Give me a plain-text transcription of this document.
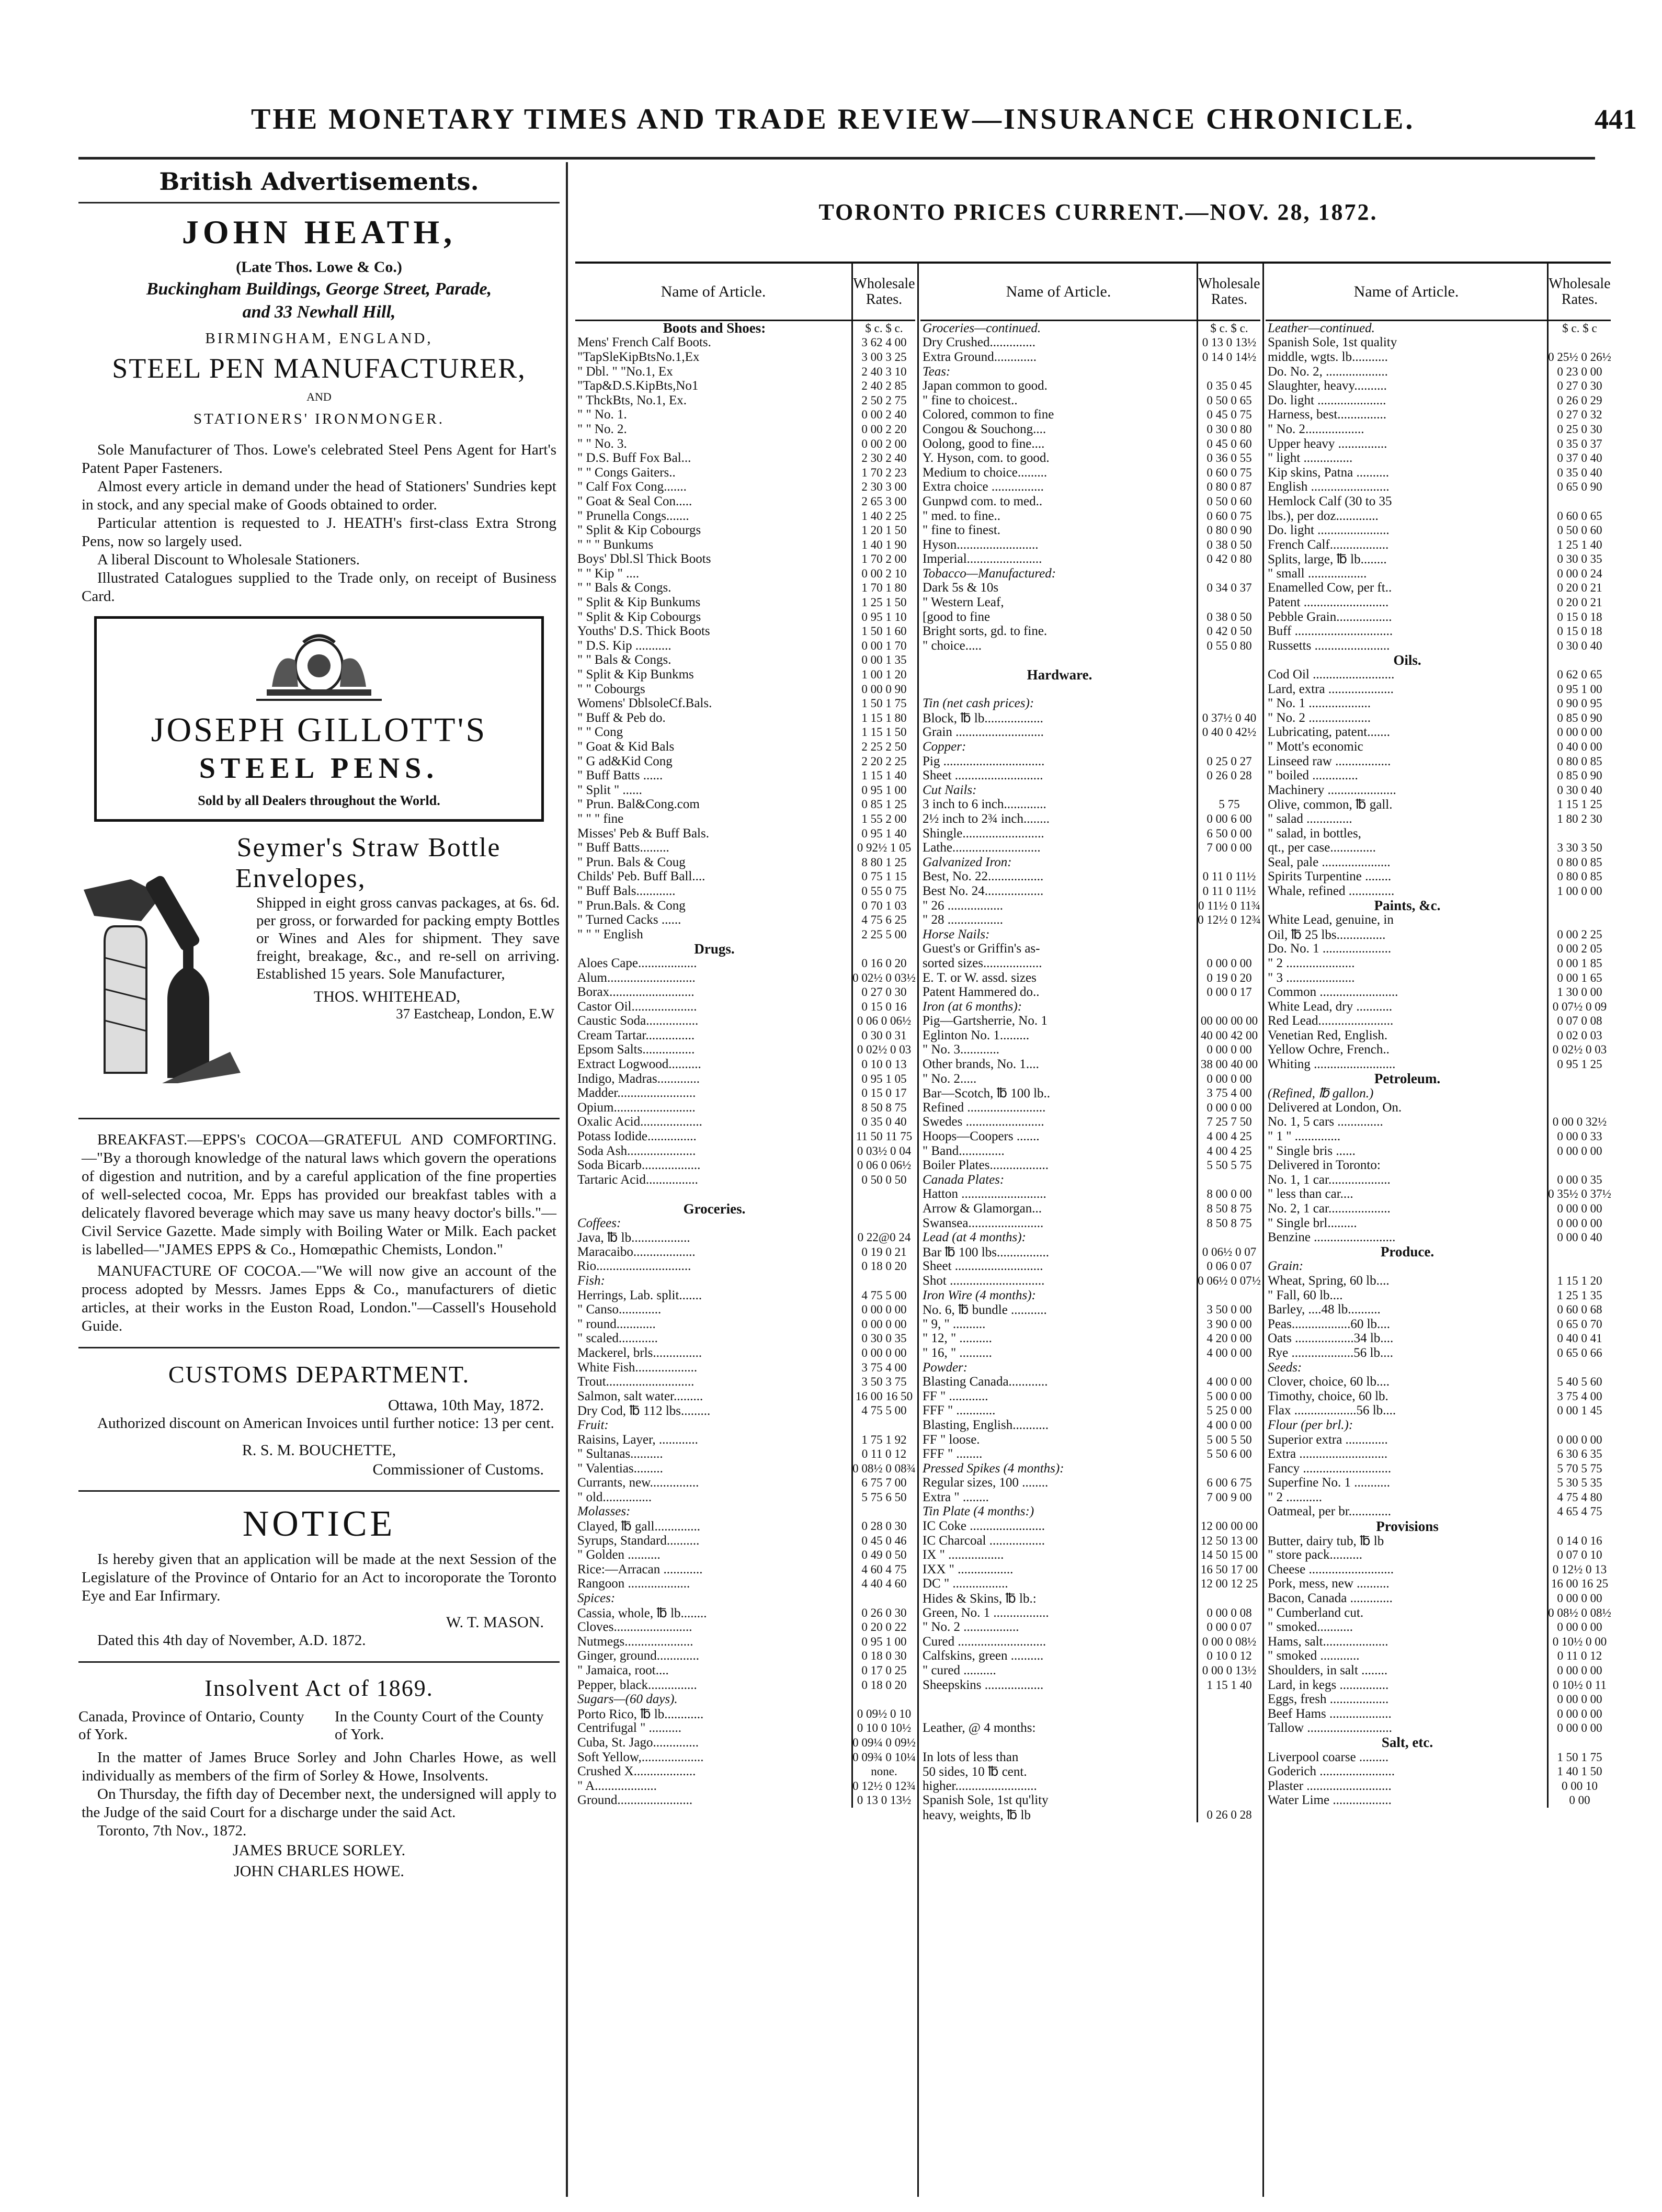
THE MONETARY TIMES AND TRADE REVIEW—INSURANCE CHRONICLE.	441
British Advertisements.
JOHN HEATH,
(Late Thos. Lowe & Co.)
Buckingham Buildings, George Street, Parade,
and 33 Newhall Hill,
BIRMINGHAM, ENGLAND,
STEEL PEN MANUFACTURER,
AND
STATIONERS' IRONMONGER.
Sole Manufacturer of Thos. Lowe's celebrated Steel Pens Agent for Hart's Patent Paper Fasteners.
Almost every article in demand under the head of Stationers' Sundries kept in stock, and any special make of Goods obtained to order.
Particular attention is requested to J. HEATH's first-class Extra Strong Pens, now so largely used.
A liberal Discount to Wholesale Stationers.
Illustrated Catalogues supplied to the Trade only, on receipt of Business Card.
JOSEPH GILLOTT'S
STEEL PENS.
Sold by all Dealers throughout the World.
Seymer's Straw Bottle
Envelopes,
Shipped in eight gross canvas packages, at 6s. 6d. per gross, or forwarded for packing empty Bottles or Wines and Ales for shipment. They save freight, breakage, &c., and re-sell on arriving. Established 15 years. Sole Manufacturer,
THOS. WHITEHEAD,
37 Eastcheap, London, E.W
BREAKFAST.—EPPS's COCOA—GRATEFUL AND COMFORTING.—"By a thorough knowledge of the natural laws which govern the operations of digestion and nutrition, and by a careful application of the fine properties of well-selected cocoa, Mr. Epps has provided our breakfast tables with a delicately flavored beverage which may save us many heavy doctor's bills."—Civil Service Gazette. Made simply with Boiling Water or Milk. Each packet is labelled—"JAMES EPPS & Co., Homœpathic Chemists, London."
MANUFACTURE OF COCOA.—"We will now give an account of the process adopted by Messrs. James Epps & Co., manufacturers of dietic articles, at their works in the Euston Road, London."—Cassell's Household Guide.
CUSTOMS DEPARTMENT.
Ottawa, 10th May, 1872.
Authorized discount on American Invoices until further notice: 13 per cent.
R. S. M. BOUCHETTE,
Commissioner of Customs.
NOTICE
Is hereby given that an application will be made at the next Session of the Legislature of the Province of Ontario for an Act to incoroporate the Toronto Eye and Ear Infirmary.
W. T. MASON.
Dated this 4th day of November, A.D. 1872.
Insolvent Act of 1869.
Canada, Province of Ontario, County of York.
In the County Court of the County of York.
In the matter of James Bruce Sorley and John Charles Howe, as well individually as members of the firm of Sorley & Howe, Insolvents.
On Thursday, the fifth day of December next, the undersigned will apply to the Judge of the said Court for a discharge under the said Act.
Toronto, 7th Nov., 1872.
JAMES BRUCE SORLEY.
JOHN CHARLES HOWE.
TORONTO PRICES CURRENT.—NOV. 28, 1872.
Name of Article.	Wholesale Rates.
Boots and Shoes:	$ c. $ c.
Mens' French Calf Boots.	3 62 4 00
"TapSleKipBtsNo.1,Ex	3 00 3 25
" Dbl. " "No.1, Ex	2 40 3 10
"Tap&D.S.KipBts,No1	2 40 2 85
" ThckBts, No.1, Ex.	2 50 2 75
" " No. 1.	0 00 2 40
" " No. 2.	0 00 2 20
" " No. 3.	0 00 2 00
" D.S. Buff Fox Bal...	2 30 2 40
" " Congs Gaiters..	1 70 2 23
" Calf Fox Cong.......	2 30 3 00
" Goat & Seal Con.....	2 65 3 00
" Prunella Congs.......	1 40 2 25
" Split & Kip Cobourgs	1 20 1 50
" " " Bunkums	1 40 1 90
Boys' Dbl.Sl Thick Boots	1 70 2 00
" " Kip " ....	0 00 2 10
" " Bals & Congs.	1 70 1 80
" Split & Kip Bunkums	1 25 1 50
" Split & Kip Cobourgs	0 95 1 10
Youths' D.S. Thick Boots	1 50 1 60
" D.S. Kip ...........	0 00 1 70
" " Bals & Congs.	0 00 1 35
" Split & Kip Bunkms	1 00 1 20
" " Cobourgs	0 00 0 90
Womens' DblsoleCf.Bals.	1 50 1 75
" Buff & Peb do.	1 15 1 80
" " Cong	1 15 1 50
" Goat & Kid Bals	2 25 2 50
" G ad&Kid Cong	2 20 2 25
" Buff Batts ......	1 15 1 40
" Split " ......	0 95 1 00
" Prun. Bal&Cong.com	0 85 1 25
" " " fine	1 55 2 00
Misses' Peb & Buff Bals.	0 95 1 40
" Buff Batts.........	0 92½ 1 05
" Prun. Bals & Coug	8 80 1 25
Childs' Peb. Buff Ball....	0 75 1 15
" Buff Bals............	0 55 0 75
" Prun.Bals. & Cong	0 70 1 03
" Turned Cacks ......	4 75 6 25
" " " English	2 25 5 00
Drugs.
Aloes Cape..................	0 16 0 20
Alum...........................	0 02½ 0 03½
Borax..........................	0 27 0 30
Castor Oil....................	0 15 0 16
Caustic Soda................	0 06 0 06½
Cream Tartar...............	0 30 0 31
Epsom Salts................	0 02½ 0 03
Extract Logwood..........	0 10 0 13
Indigo, Madras.............	0 95 1 05
Madder........................	0 15 0 17
Opium.........................	8 50 8 75
Oxalic Acid...................	0 35 0 40
Potass Iodide...............	11 50 11 75
Soda Ash.....................	0 03½ 0 04
Soda Bicarb..................	0 06 0 06½
Tartaric Acid................	0 50 0 50
Groceries.
Coffees:
Java, ℔ lb..................	0 22@0 24
Maracaibo...................	0 19 0 21
Rio.............................	0 18 0 20
Fish:
Herrings, Lab. split.......	4 75 5 00
" Canso.............	0 00 0 00
" round............	0 00 0 00
" scaled............	0 30 0 35
Mackerel, brls...............	0 00 0 00
White Fish...................	3 75 4 00
Trout...........................	3 50 3 75
Salmon, salt water.........	16 00 16 50
Dry Cod, ℔ 112 lbs.........	4 75 5 00
Fruit:
Raisins, Layer, ............	1 75 1 92
" Sultanas..........	0 11 0 12
" Valentias.........	0 08½ 0 08¾
Currants, new...............	6 75 7 00
" old...............	5 75 6 50
Molasses:
Clayed, ℔ gall..............	0 28 0 30
Syrups, Standard..........	0 45 0 46
" Golden ..........	0 49 0 50
Rice:—Arracan ............	4 60 4 75
Rangoon ...................	4 40 4 60
Spices:
Cassia, whole, ℔ lb........	0 26 0 30
Cloves........................	0 20 0 22
Nutmegs.....................	0 95 1 00
Ginger, ground.............	0 18 0 30
" Jamaica, root....	0 17 0 25
Pepper, black...............	0 18 0 20
Sugars—(60 days).
Porto Rico, ℔ lb............	0 09½ 0 10
Centrifugal " ..........	0 10 0 10½
Cuba, St. Jago..............	0 09¼ 0 09½
Soft Yellow,...................	0 09¾ 0 10¼
Crushed X...................	none.
" A...................	0 12½ 0 12¾
Ground.......................	0 13 0 13½
Name of Article.	Wholesale Rates.
Groceries—continued.	$ c. $ c.
Dry Crushed..............	0 13 0 13½
Extra Ground.............	0 14 0 14½
Teas:
Japan common to good.	0 35 0 45
" fine to choicest..	0 50 0 65
Colored, common to fine	0 45 0 75
Congou & Souchong....	0 30 0 80
Oolong, good to fine....	0 45 0 60
Y. Hyson, com. to good.	0 36 0 55
Medium to choice.........	0 60 0 75
Extra choice ................	0 80 0 87
Gunpwd com. to med..	0 50 0 60
" med. to fine..	0 60 0 75
" fine to finest.	0 80 0 90
Hyson.........................	0 38 0 50
Imperial.......................	0 42 0 80
Tobacco—Manufactured:
Dark 5s & 10s	0 34 0 37
" Western Leaf,
[good to fine	0 38 0 50
Bright sorts, gd. to fine.	0 42 0 50
" choice.....	0 55 0 80
Hardware.
Tin (net cash prices):
Block, ℔ lb..................	0 37½ 0 40
Grain ...........................	0 40 0 42½
Copper:
Pig ...............................	0 25 0 27
Sheet ...........................	0 26 0 28
Cut Nails:
3 inch to 6 inch.............	5 75
2½ inch to 2¾ inch........	0 00 6 00
Shingle.........................	6 50 0 00
Lathe...........................	7 00 0 00
Galvanized Iron:
Best, No. 22.................	0 11 0 11½
Best No. 24..................	0 11 0 11½
" 26 .................	0 11½ 0 11¾
" 28 .................	0 12½ 0 12¾
Horse Nails:
Guest's or Griffin's as-
sorted sizes..................	0 00 0 00
E. T. or W. assd. sizes	0 19 0 20
Patent Hammered do..	0 00 0 17
Iron (at 6 months):
Pig—Gartsherrie, No. 1	00 00 00 00
Eglinton No. 1.........	40 00 42 00
" No. 3............	0 00 0 00
Other brands, No. 1....	38 00 40 00
" No. 2.....	0 00 0 00
Bar—Scotch, ℔ 100 lb..	3 75 4 00
Refined ........................	0 00 0 00
Swedes ........................	7 25 7 50
Hoops—Coopers .......	4 00 4 25
" Band..............	4 00 4 25
Boiler Plates..................	5 50 5 75
Canada Plates:
Hatton ..........................	8 00 0 00
Arrow & Glamorgan...	8 50 8 75
Swansea.......................	8 50 8 75
Lead (at 4 months):
Bar ℔ 100 lbs................	0 06½ 0 07
Sheet ...........................	0 06 0 07
Shot .............................	0 06½ 0 07½
Iron Wire (4 months):
No. 6, ℔ bundle ...........	3 50 0 00
" 9, " ..........	3 90 0 00
" 12, " ..........	4 20 0 00
" 16, " ..........	4 00 0 00
Powder:
Blasting Canada............	4 00 0 00
FF " ............	5 00 0 00
FFF " ............	5 25 0 00
Blasting, English...........	4 00 0 00
FF " loose.	5 00 5 50
FFF " ........	5 50 6 00
Pressed Spikes (4 months):
Regular sizes, 100 ........	6 00 6 75
Extra " ........	7 00 9 00
Tin Plate (4 months:)
IC Coke .......................	12 00 00 00
IC Charcoal .................	12 50 13 00
IX " .................	14 50 15 00
IXX " .................	16 50 17 00
DC " .................	12 00 12 25
Hides & Skins, ℔ lb.:
Green, No. 1 .................	0 00 0 08
" No. 2 .................	0 00 0 07
Cured ...........................	0 00 0 08½
Calfskins, green ..........	0 10 0 12
" cured ..........	0 00 0 13½
Sheepskins ..................	1 15 1 40
Leather, @ 4 months:
In lots of less than
50 sides, 10 ℔ cent.
higher.........................
Spanish Sole, 1st qu'lity
heavy, weights, ℔ lb	0 26 0 28
Name of Article.	Wholesale Rates.
Leather—continued.	$ c. $ c
Spanish Sole, 1st quality
middle, wgts. lb...........	0 25½ 0 26½
Do. No. 2, ...................	0 23 0 00
Slaughter, heavy..........	0 27 0 30
Do. light .....................	0 26 0 29
Harness, best...............	0 27 0 32
" No. 2..................	0 25 0 30
Upper heavy ...............	0 35 0 37
" light ...............	0 37 0 40
Kip skins, Patna ..........	0 35 0 40
English ........................	0 65 0 90
Hemlock Calf (30 to 35
lbs.), per doz.............	0 60 0 65
Do. light ......................	0 50 0 60
French Calf..................	1 25 1 40
Splits, large, ℔ lb........	0 30 0 35
" small ..................	0 00 0 24
Enamelled Cow, per ft..	0 20 0 21
Patent ..........................	0 20 0 21
Pebble Grain.................	0 15 0 18
Buff ..............................	0 15 0 18
Russetts .......................	0 30 0 40
Oils.
Cod Oil .........................	0 62 0 65
Lard, extra ....................	0 95 1 00
" No. 1 ...................	0 90 0 95
" No. 2 ...................	0 85 0 90
Lubricating, patent.......	0 00 0 00
" Mott's economic	0 40 0 00
Linseed raw .................	0 80 0 85
" boiled ..............	0 85 0 90
Machinery .....................	0 30 0 40
Olive, common, ℔ gall.	1 15 1 25
" salad ..............	1 80 2 30
" salad, in bottles,
qt., per case..............	3 30 3 50
Seal, pale .....................	0 80 0 85
Spirits Turpentine ........	0 80 0 85
Whale, refined ..............	1 00 0 00
Paints, &c.
White Lead, genuine, in
Oil, ℔ 25 lbs...............	0 00 2 25
Do. No. 1 .....................	0 00 2 05
" 2 .....................	0 00 1 85
" 3 .....................	0 00 1 65
Common ........................	1 30 0 00
White Lead, dry ...........	0 07½ 0 09
Red Lead.......................	0 07 0 08
Venetian Red, English.	0 02 0 03
Yellow Ochre, French..	0 02½ 0 03
Whiting .........................	0 95 1 25
Petroleum.
(Refined, ℔ gallon.)
Delivered at London, On.
No. 1, 5 cars ..............	0 00 0 32½
" 1 " ..............	0 00 0 33
" Single bris ......	0 00 0 00
Delivered in Toronto:
No. 1, 1 car...................	0 00 0 35
" less than car....	0 35½ 0 37½
No. 2, 1 car...................	0 00 0 00
" Single brl.........	0 00 0 00
Benzine .........................	0 00 0 40
Produce.
Grain:
Wheat, Spring, 60 lb....	1 15 1 20
" Fall, 60 lb....	1 25 1 35
Barley, ....48 lb..........	0 60 0 68
Peas..................60 lb....	0 65 0 70
Oats ..................34 lb....	0 40 0 41
Rye ...................56 lb....	0 65 0 66
Seeds:
Clover, choice, 60 lb....	5 40 5 60
Timothy, choice, 60 lb.	3 75 4 00
Flax ...................56 lb....	0 00 1 45
Flour (per brl.):
Superior extra .............	0 00 0 00
Extra ...........................	6 30 6 35
Fancy ...........................	5 70 5 75
Superfine No. 1 ...........	5 30 5 35
" 2 ...........	4 75 4 80
Oatmeal, per br.............	4 65 4 75
Provisions
Butter, dairy tub, ℔ lb	0 14 0 16
" store pack..........	0 07 0 10
Cheese ..........................	0 12½ 0 13
Pork, mess, new ..........	16 00 16 25
Bacon, Canada .............	0 00 0 00
" Cumberland cut.	0 08½ 0 08½
" smoked...........	0 00 0 00
Hams, salt....................	0 10½ 0 00
" smoked ............	0 11 0 12
Shoulders, in salt ........	0 00 0 00
Lard, in kegs ...............	0 10½ 0 11
Eggs, fresh ..................	0 00 0 00
Beef Hams ...................	0 00 0 00
Tallow ..........................	0 00 0 00
Salt, etc.
Liverpool coarse .........	1 50 1 75
Goderich .......................	1 40 1 50
Plaster ..........................	0 00 10
Water Lime ..................	0 00
